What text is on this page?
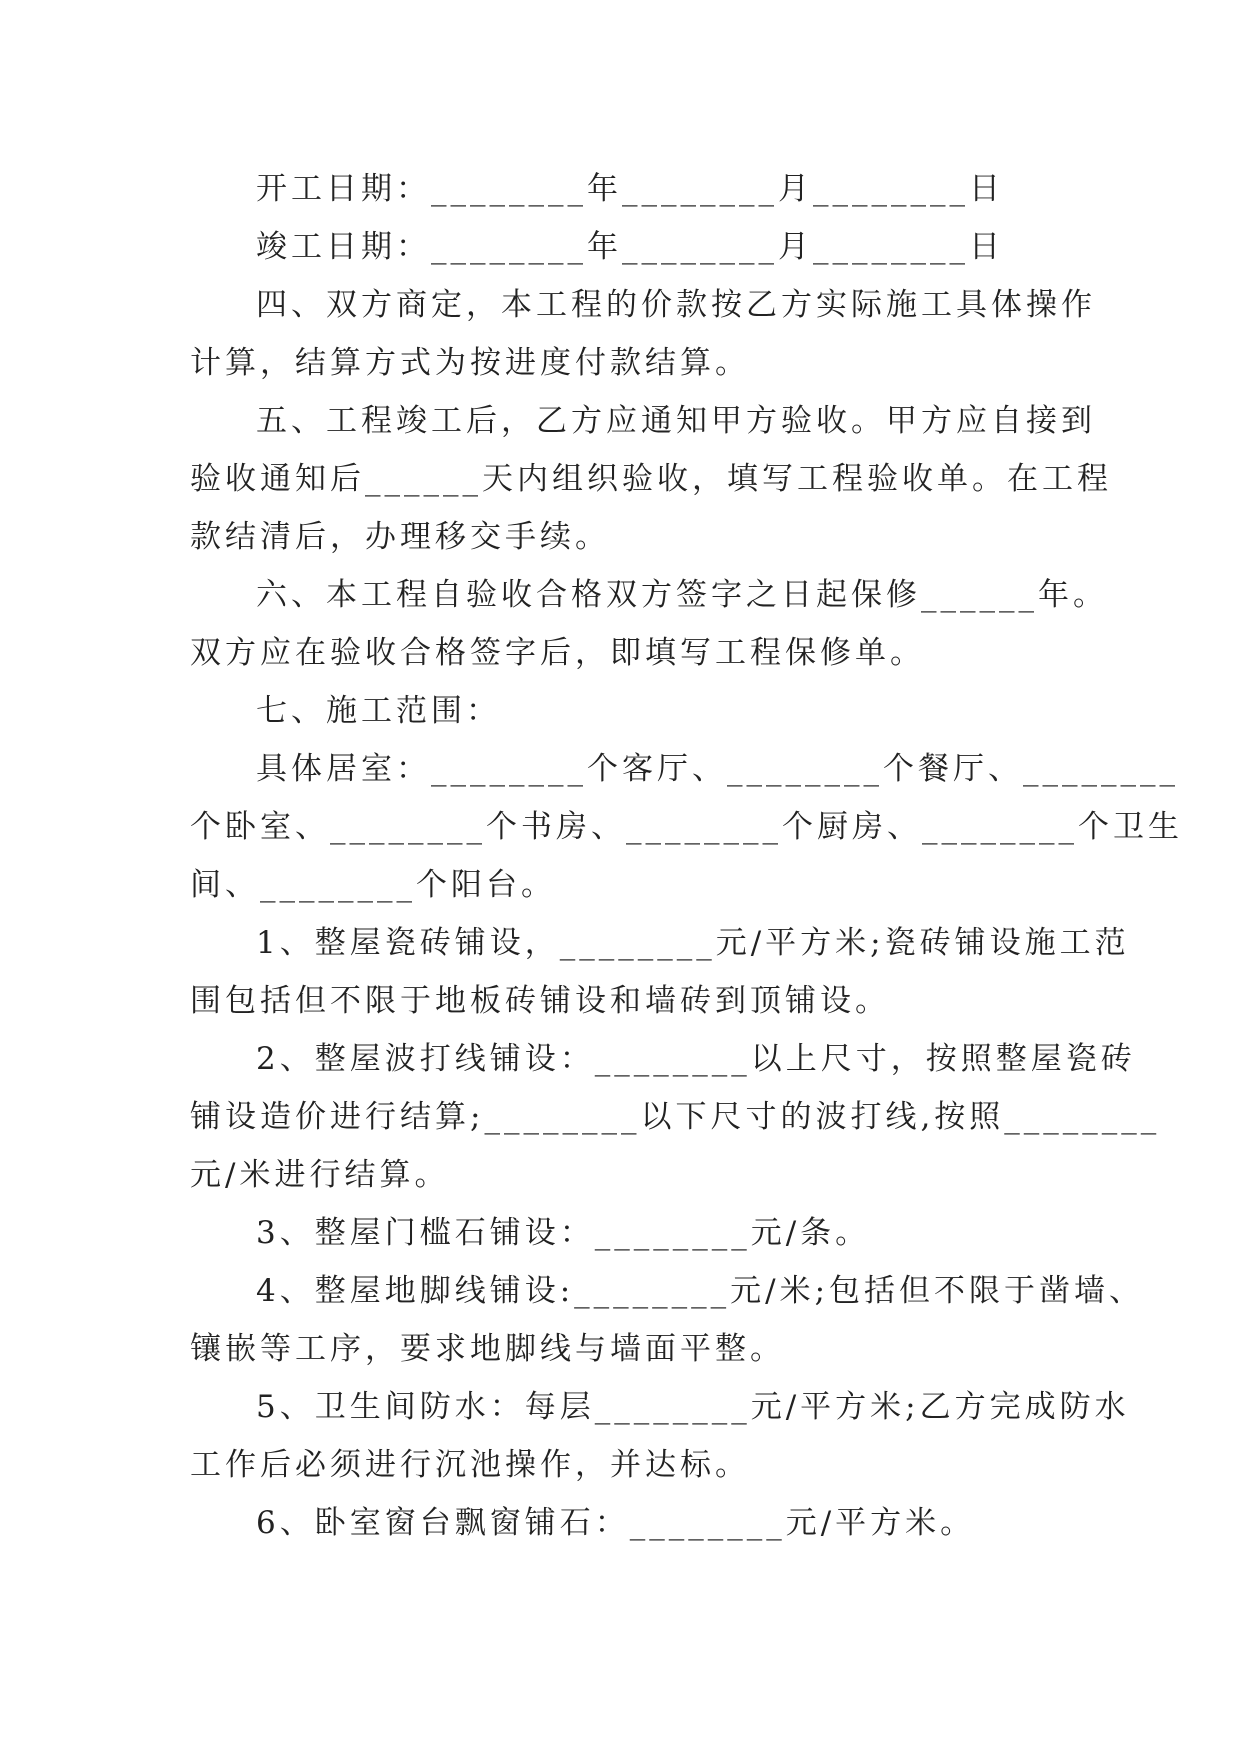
开工日期：________年________月________日
竣工日期：________年________月________日
四、双方商定，本工程的价款按乙方实际施工具体操作
计算，结算方式为按进度付款结算。
五、工程竣工后，乙方应通知甲方验收。甲方应自接到
验收通知后______天内组织验收，填写工程验收单。在工程
款结清后，办理移交手续。
六、本工程自验收合格双方签字之日起保修______年。
双方应在验收合格签字后，即填写工程保修单。
七、施工范围：
具体居室：________个客厅、________个餐厅、________
个卧室、________个书房、________个厨房、________个卫生
间、________个阳台。
1、整屋瓷砖铺设，________元/平方米;瓷砖铺设施工范
围包括但不限于地板砖铺设和墙砖到顶铺设。
2、整屋波打线铺设：________以上尺寸，按照整屋瓷砖
铺设造价进行结算;________以下尺寸的波打线,按照________
元/米进行结算。
3、整屋门槛石铺设：________元/条。
4、整屋地脚线铺设:________元/米;包括但不限于凿墙、
镶嵌等工序，要求地脚线与墙面平整。
5、卫生间防水：每层________元/平方米;乙方完成防水
工作后必须进行沉池操作，并达标。
6、卧室窗台飘窗铺石：________元/平方米。
